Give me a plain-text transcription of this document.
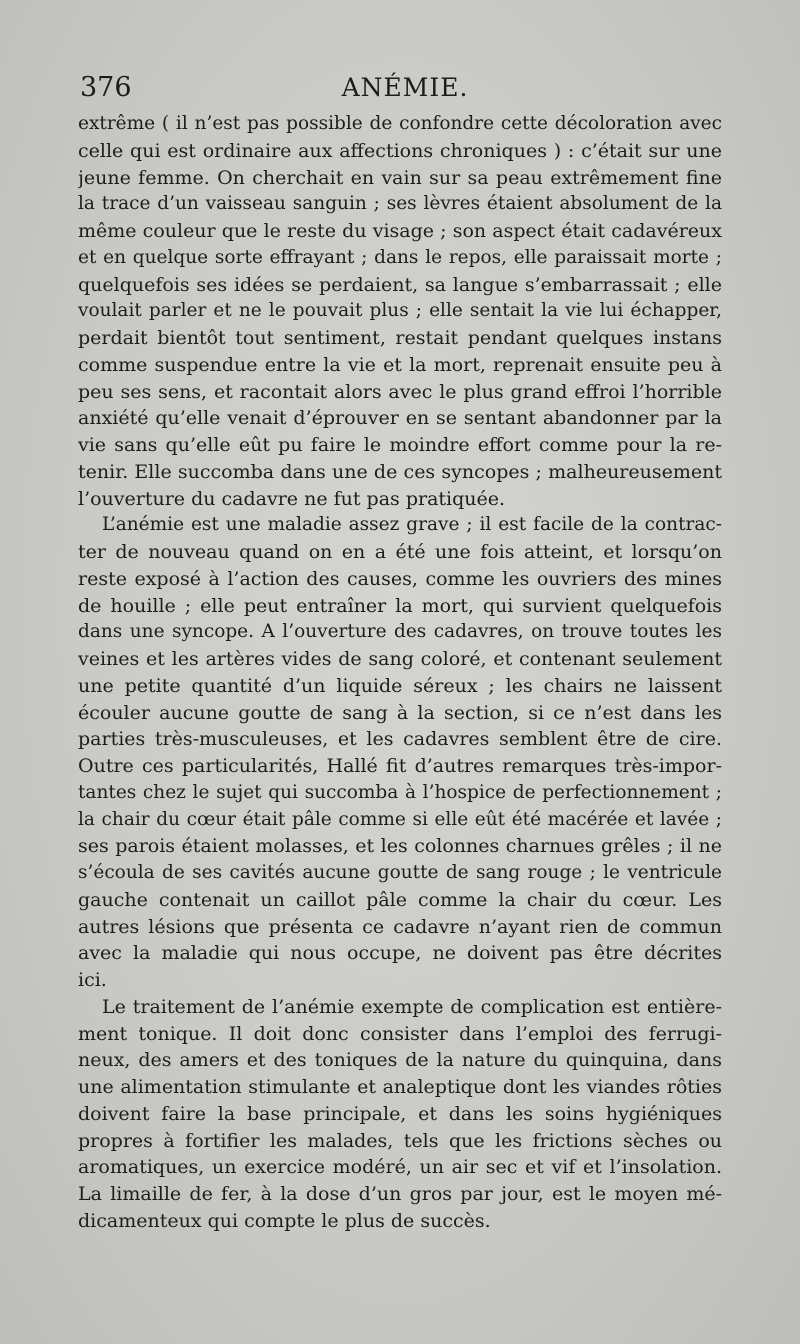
376	ANÉMIE.
extrême ( il n’est pas possible de confondre cette décoloration avec
celle qui est ordinaire aux affections chroniques ) : c’était sur une
jeune femme. On cherchait en vain sur sa peau extrêmement fine
la trace d’un vaisseau sanguin ; ses lèvres étaient absolument de la
même couleur que le reste du visage ; son aspect était cadavéreux
et en quelque sorte effrayant ; dans le repos, elle paraissait morte ;
quelquefois ses idées se perdaient, sa langue s’embarrassait ; elle
voulait parler et ne le pouvait plus ; elle sentait la vie lui échapper,
perdait bientôt tout sentiment, restait pendant quelques instans
comme suspendue entre la vie et la mort, reprenait ensuite peu à
peu ses sens, et racontait alors avec le plus grand effroi l’horrible
anxiété qu’elle venait d’éprouver en se sentant abandonner par la
vie sans qu’elle eût pu faire le moindre effort comme pour la re-
tenir. Elle succomba dans une de ces syncopes ; malheureusement
l’ouverture du cadavre ne fut pas pratiquée.
L’anémie est une maladie assez grave ; il est facile de la contrac-
ter de nouveau quand on en a été une fois atteint, et lorsqu’on
reste exposé à l’action des causes, comme les ouvriers des mines
de houille ; elle peut entraîner la mort, qui survient quelquefois
dans une syncope. A l’ouverture des cadavres, on trouve toutes les
veines et les artères vides de sang coloré, et contenant seulement
une petite quantité d’un liquide séreux ; les chairs ne laissent
écouler aucune goutte de sang à la section, si ce n’est dans les
parties très-musculeuses, et les cadavres semblent être de cire.
Outre ces particularités, Hallé fit d’autres remarques très-impor-
tantes chez le sujet qui succomba à l’hospice de perfectionnement ;
la chair du cœur était pâle comme si elle eût été macérée et lavée ;
ses parois étaient molasses, et les colonnes charnues grêles ; il ne
s’écoula de ses cavités aucune goutte de sang rouge ; le ventricule
gauche contenait un caillot pâle comme la chair du cœur. Les
autres lésions que présenta ce cadavre n’ayant rien de commun
avec la maladie qui nous occupe, ne doivent pas être décrites
ici.
Le traitement de l’anémie exempte de complication est entière-
ment tonique. Il doit donc consister dans l’emploi des ferrugi-
neux, des amers et des toniques de la nature du quinquina, dans
une alimentation stimulante et analeptique dont les viandes rôties
doivent faire la base principale, et dans les soins hygiéniques
propres à fortifier les malades, tels que les frictions sèches ou
aromatiques, un exercice modéré, un air sec et vif et l’insolation.
La limaille de fer, à la dose d’un gros par jour, est le moyen mé-
dicamenteux qui compte le plus de succès.
